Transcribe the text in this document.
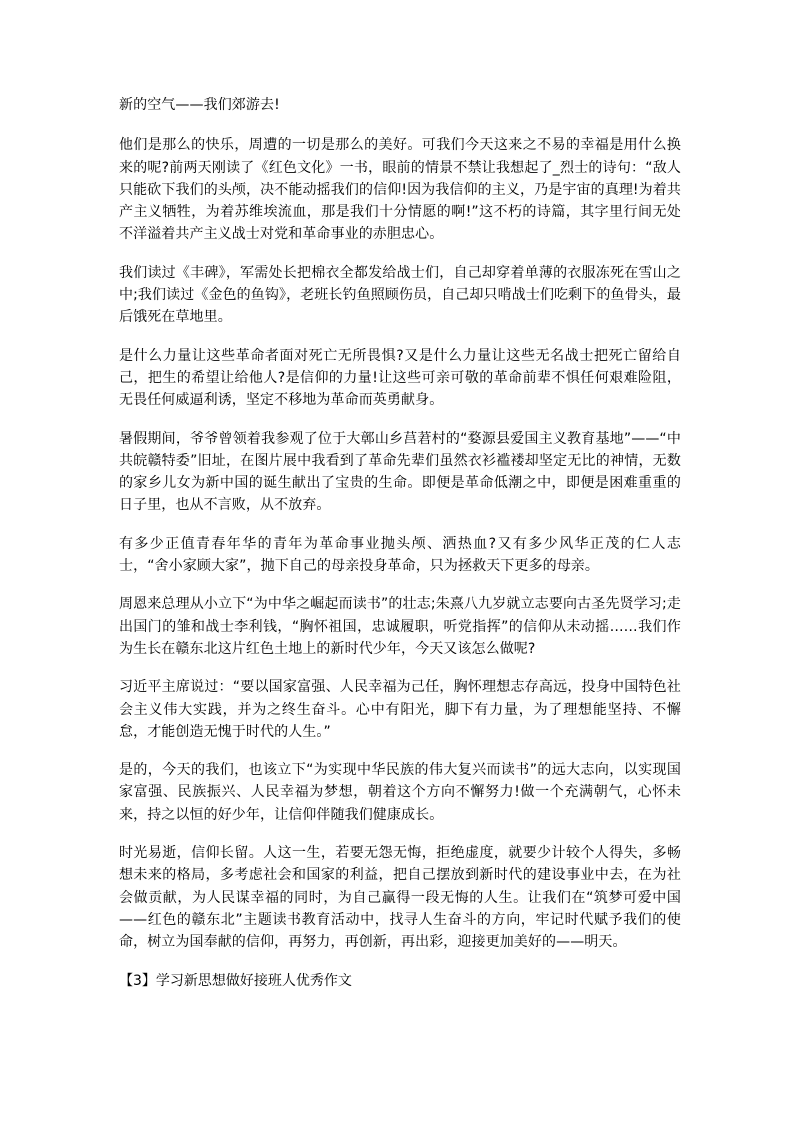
新的空气——我们郊游去!

他们是那么的快乐，周遭的一切是那么的美好。可我们今天这来之不易的幸福是用什么换来的呢?前两天刚读了《红色文化》一书，眼前的情景不禁让我想起了_烈士的诗句：“敌人只能砍下我们的头颅，决不能动摇我们的信仰!因为我信仰的主义，乃是宇宙的真理!为着共产主义牺牲，为着苏维埃流血，那是我们十分情愿的啊!”这不朽的诗篇，其字里行间无处不洋溢着共产主义战士对党和革命事业的赤胆忠心。

我们读过《丰碑》，军需处长把棉衣全都发给战士们，自己却穿着单薄的衣服冻死在雪山之中;我们读过《金色的鱼钩》，老班长钓鱼照顾伤员，自己却只啃战士们吃剩下的鱼骨头，最后饿死在草地里。

是什么力量让这些革命者面对死亡无所畏惧?又是什么力量让这些无名战士把死亡留给自己，把生的希望让给他人?是信仰的力量!让这些可亲可敬的革命前辈不惧任何艰难险阻，无畏任何威逼利诱，坚定不移地为革命而英勇献身。

暑假期间，爷爷曾领着我参观了位于大鄣山乡莒莙村的“婺源县爱国主义教育基地”——“中共皖赣特委”旧址，在图片展中我看到了革命先辈们虽然衣衫褴褛却坚定无比的神情，无数的家乡儿女为新中国的诞生献出了宝贵的生命。即便是革命低潮之中，即便是困难重重的日子里，也从不言败，从不放弃。

有多少正值青春年华的青年为革命事业抛头颅、洒热血?又有多少风华正茂的仁人志士，“舍小家顾大家”，抛下自己的母亲投身革命，只为拯救天下更多的母亲。

周恩来总理从小立下“为中华之崛起而读书”的壮志;朱熹八九岁就立志要向古圣先贤学习;走出国门的雏和战士李利钱，“胸怀祖国，忠诚履职，听党指挥”的信仰从未动摇……我们作为生长在赣东北这片红色土地上的新时代少年，今天又该怎么做呢?

习近平主席说过：“要以国家富强、人民幸福为己任，胸怀理想志存高远，投身中国特色社会主义伟大实践，并为之终生奋斗。心中有阳光，脚下有力量，为了理想能坚持、不懈怠，才能创造无愧于时代的人生。”

是的，今天的我们，也该立下“为实现中华民族的伟大复兴而读书”的远大志向，以实现国家富强、民族振兴、人民幸福为梦想，朝着这个方向不懈努力!做一个充满朝气，心怀未来，持之以恒的好少年，让信仰伴随我们健康成长。

时光易逝，信仰长留。人这一生，若要无怨无悔，拒绝虚度，就要少计较个人得失，多畅想未来的格局，多考虑社会和国家的利益，把自己摆放到新时代的建设事业中去，在为社会做贡献，为人民谋幸福的同时，为自己赢得一段无悔的人生。让我们在“筑梦可爱中国——红色的赣东北”主题读书教育活动中，找寻人生奋斗的方向，牢记时代赋予我们的使命，树立为国奉献的信仰，再努力，再创新，再出彩，迎接更加美好的——明天。

【3】学习新思想做好接班人优秀作文
